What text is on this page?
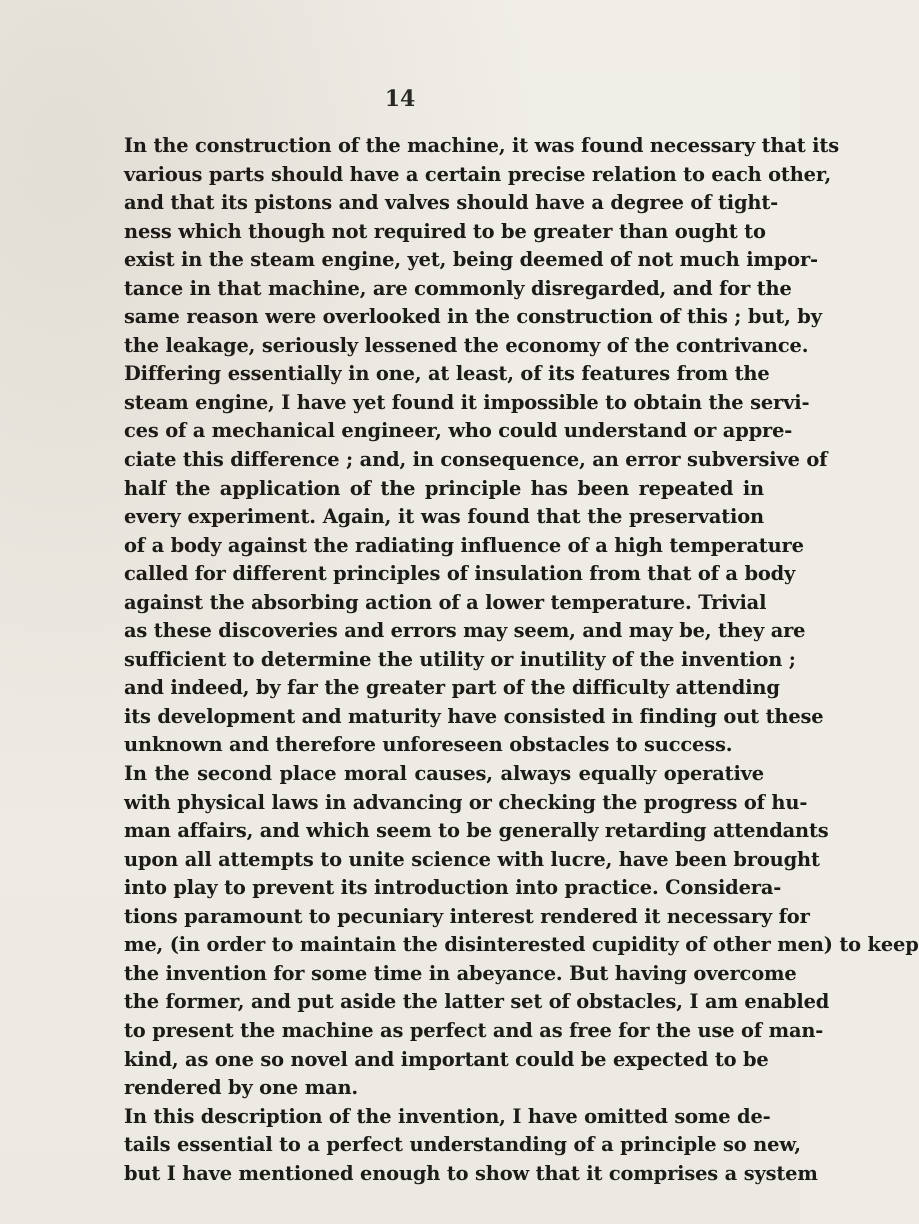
14
In the construction of the machine, it was found necessary that its
various parts should have a certain precise relation to each other,
and that its pistons and valves should have a degree of tight-
ness which though not required to be greater than ought to
exist in the steam engine, yet, being deemed of not much impor-
tance in that machine, are commonly disregarded, and for the
same reason were overlooked in the construction of this ; but, by
the leakage, seriously lessened the economy of the contrivance.
Differing essentially in one, at least, of its features from the
steam engine, I have yet found it impossible to obtain the servi-
ces of a mechanical engineer, who could understand or appre-
ciate this difference ; and, in consequence, an error subversive of
half the application of the principle has been repeated in
every experiment. Again, it was found that the preservation
of a body against the radiating influence of a high temperature
called for different principles of insulation from that of a body
against the absorbing action of a lower temperature. Trivial
as these discoveries and errors may seem, and may be, they are
sufficient to determine the utility or inutility of the invention ;
and indeed, by far the greater part of the difficulty attending
its development and maturity have consisted in finding out these
unknown and therefore unforeseen obstacles to success.
In the second place moral causes, always equally operative
with physical laws in advancing or checking the progress of hu-
man affairs, and which seem to be generally retarding attendants
upon all attempts to unite science with lucre, have been brought
into play to prevent its introduction into practice. Considera-
tions paramount to pecuniary interest rendered it necessary for
me, (in order to maintain the disinterested cupidity of other men) to keep
the invention for some time in abeyance. But having overcome
the former, and put aside the latter set of obstacles, I am enabled
to present the machine as perfect and as free for the use of man-
kind, as one so novel and important could be expected to be
rendered by one man.
In this description of the invention, I have omitted some de-
tails essential to a perfect understanding of a principle so new,
but I have mentioned enough to show that it comprises a system
